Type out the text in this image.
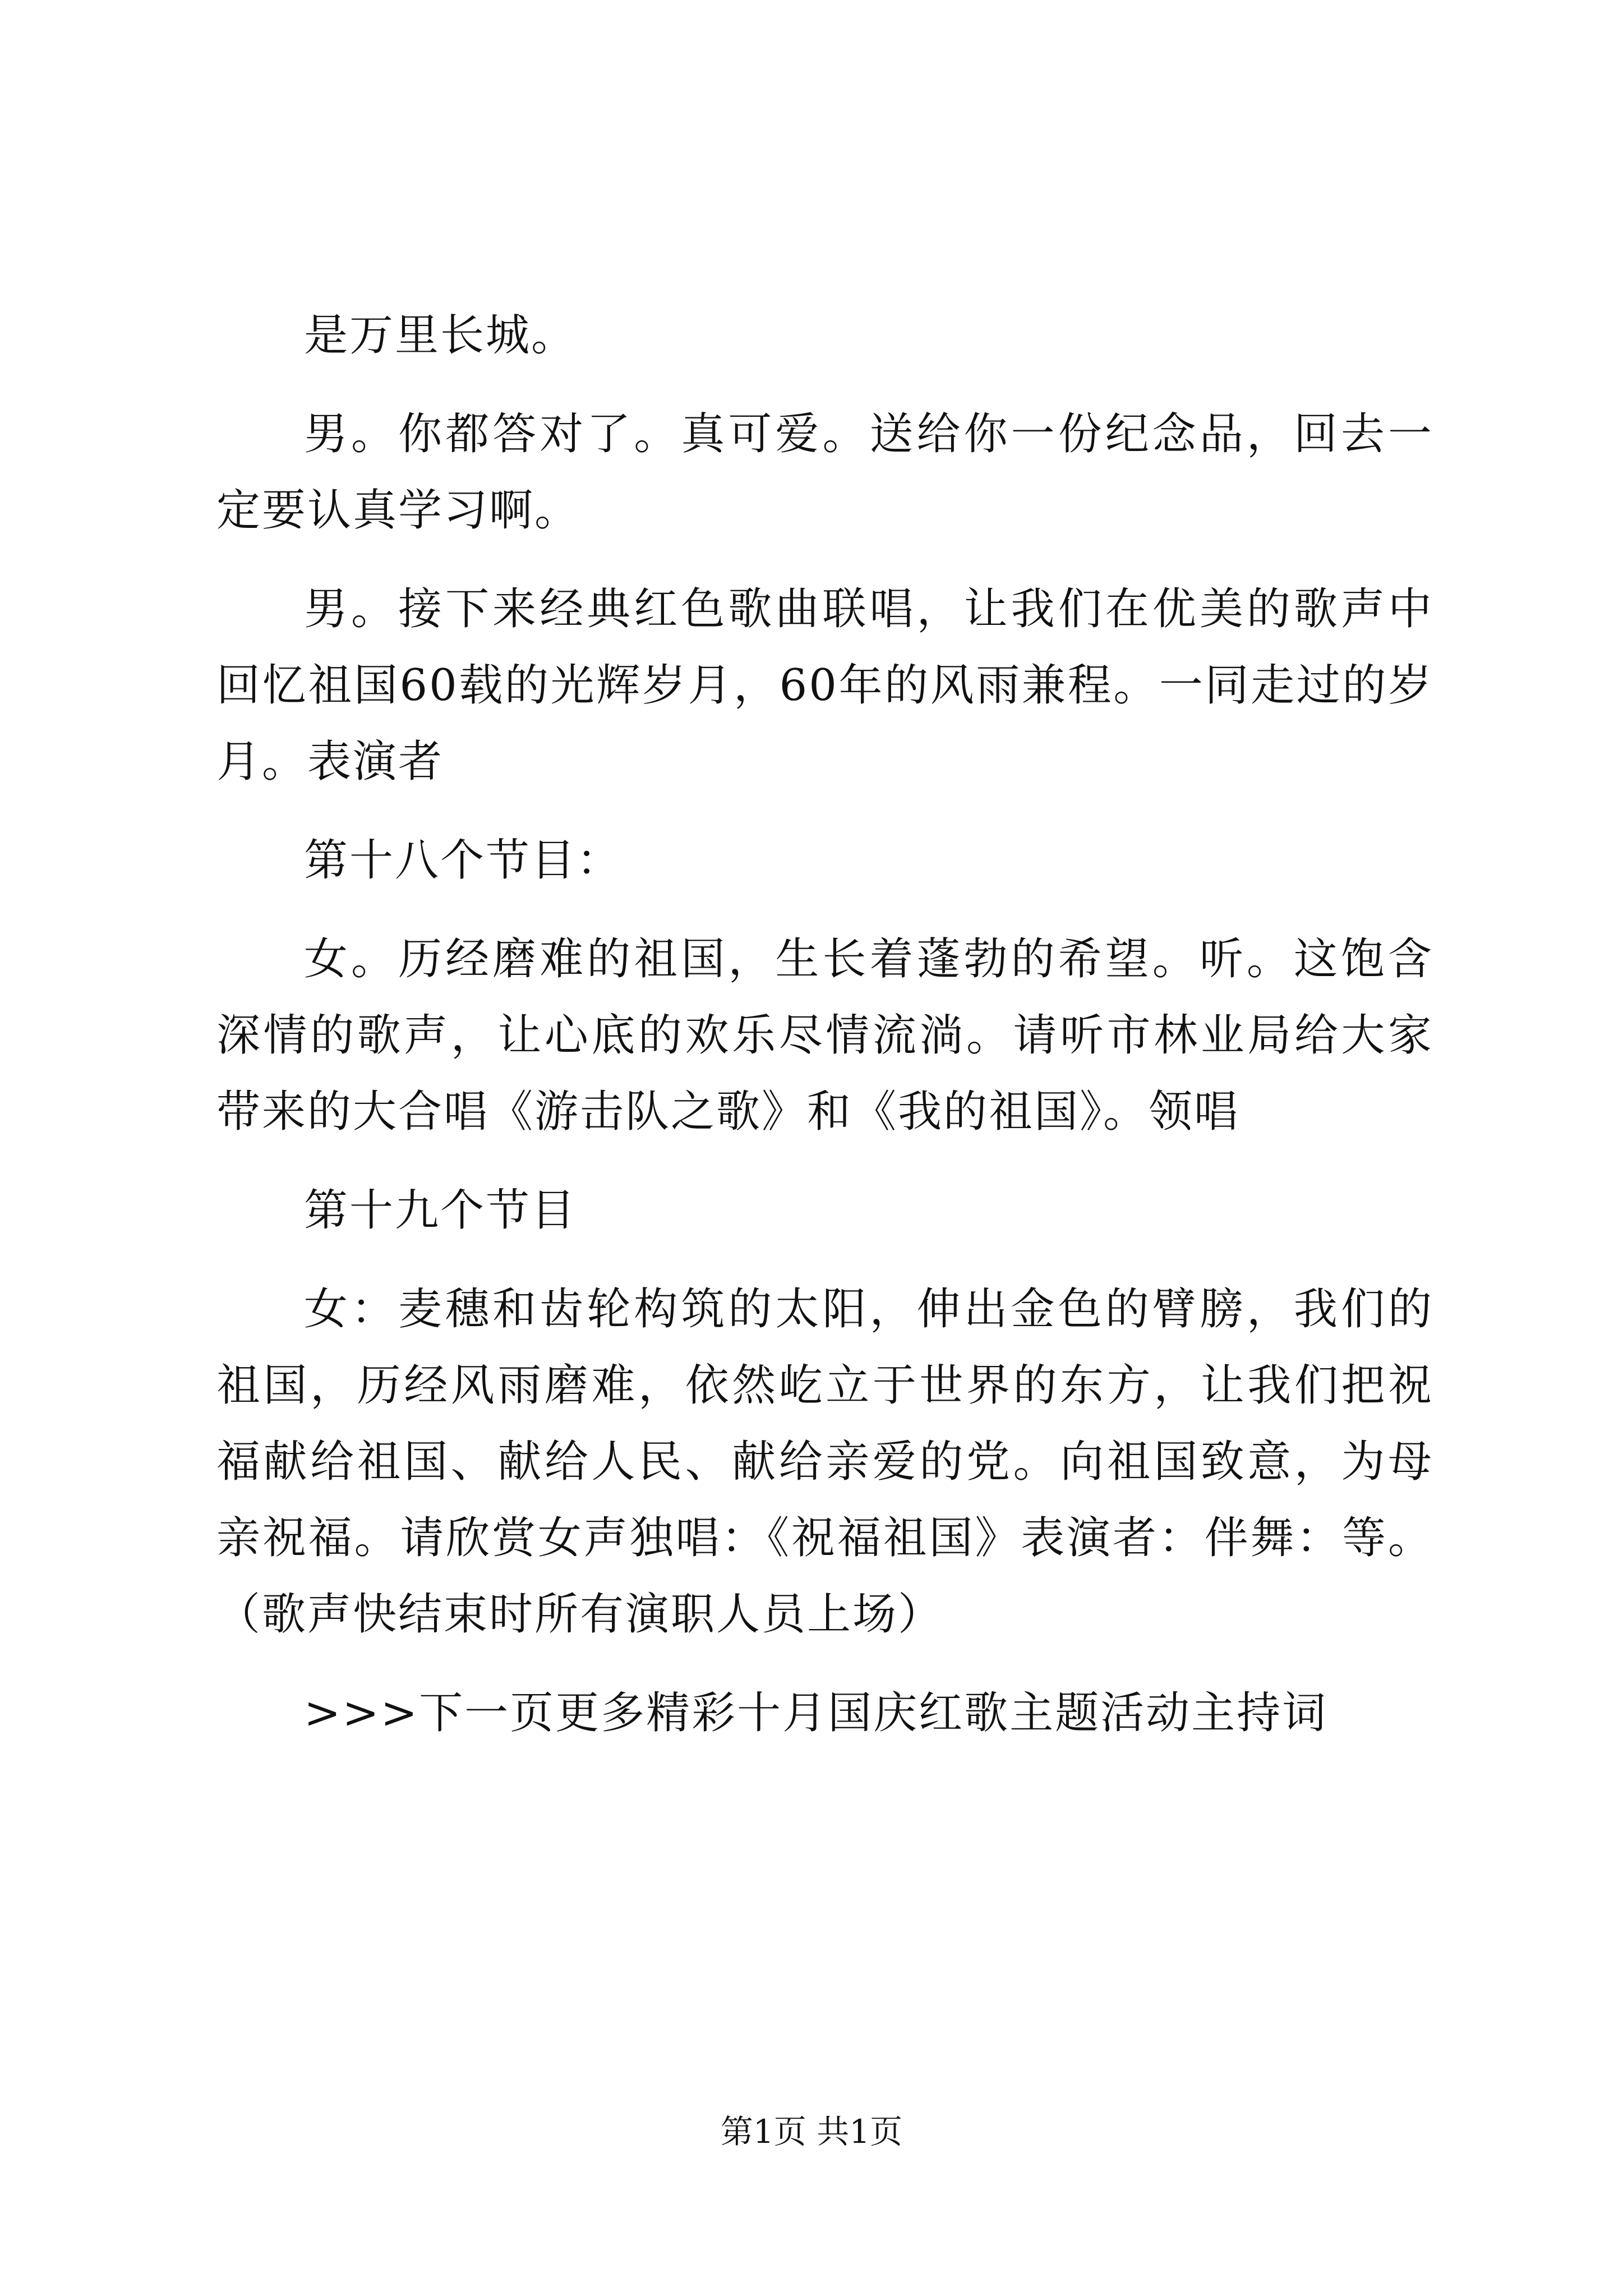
是万里长城。

男。你都答对了。真可爱。送给你一份纪念品，回去一定要认真学习啊。

男。接下来经典红色歌曲联唱，让我们在优美的歌声中回忆祖国60载的光辉岁月，60年的风雨兼程。一同走过的岁月。表演者

第十八个节目：

女。历经磨难的祖国，生长着蓬勃的希望。听。这饱含深情的歌声，让心底的欢乐尽情流淌。请听市林业局给大家带来的大合唱《游击队之歌》和《我的祖国》。领唱

第十九个节目

女：麦穗和齿轮构筑的太阳，伸出金色的臂膀，我们的祖国，历经风雨磨难，依然屹立于世界的东方，让我们把祝福献给祖国、献给人民、献给亲爱的党。向祖国致意，为母亲祝福。请欣赏女声独唱：《祝福祖国》表演者：伴舞：等。（歌声快结束时所有演职人员上场）

>>>下一页更多精彩十月国庆红歌主题活动主持词

第1页 共1页
